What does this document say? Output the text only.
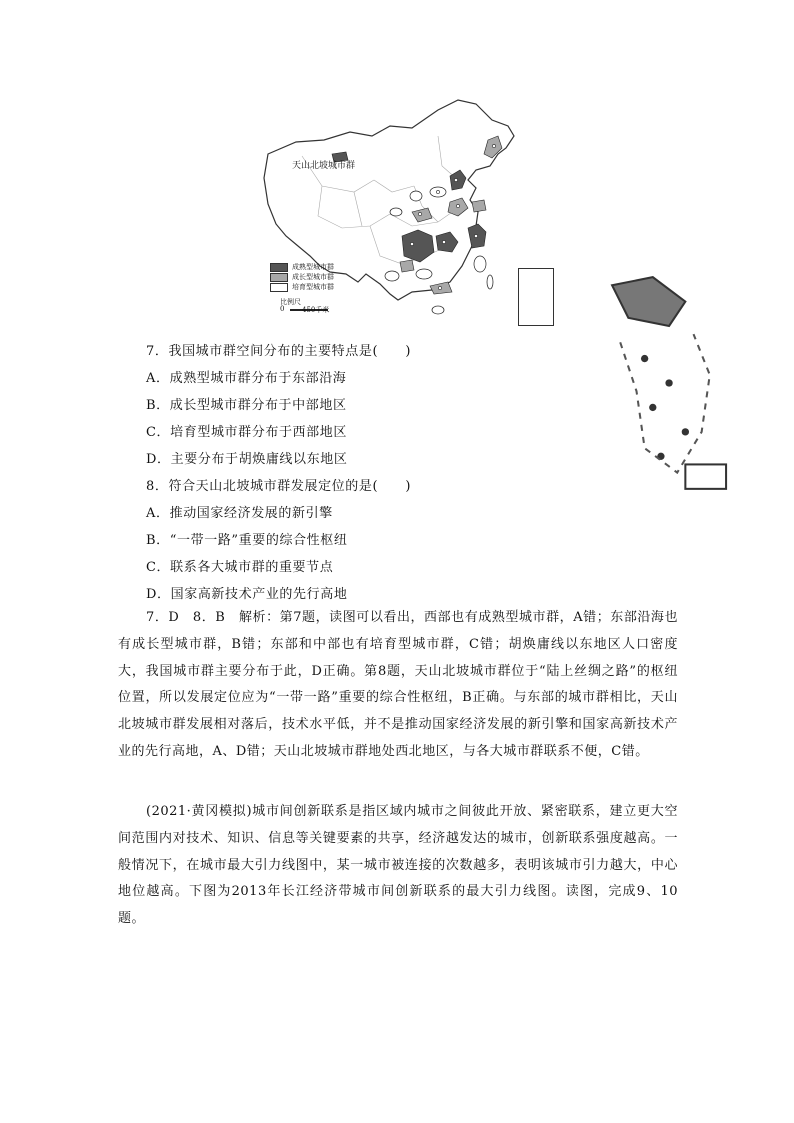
天山北坡城市群
成熟型城市群
成长型城市群
培育型城市群
比例尺
0	450千米
7．我国城市群空间分布的主要特点是(　　)
A．成熟型城市群分布于东部沿海
B．成长型城市群分布于中部地区
C．培育型城市群分布于西部地区
D．主要分布于胡焕庸线以东地区
8．符合天山北坡城市群发展定位的是(　　)
A．推动国家经济发展的新引擎
B．“一带一路”重要的综合性枢纽
C．联系各大城市群的重要节点
D．国家高新技术产业的先行高地
7．D　8．B　解析：第7题，读图可以看出，西部也有成熟型城市群，A错；东部沿海也有成长型城市群，B错；东部和中部也有培育型城市群，C错；胡焕庸线以东地区人口密度大，我国城市群主要分布于此，D正确。第8题，天山北坡城市群位于“陆上丝绸之路”的枢纽位置，所以发展定位应为“一带一路”重要的综合性枢纽，B正确。与东部的城市群相比，天山北坡城市群发展相对落后，技术水平低，并不是推动国家经济发展的新引擎和国家高新技术产业的先行高地，A、D错；天山北坡城市群地处西北地区，与各大城市群联系不便，C错。
(2021·黄冈模拟)城市间创新联系是指区域内城市之间彼此开放、紧密联系，建立更大空间范围内对技术、知识、信息等关键要素的共享，经济越发达的城市，创新联系强度越高。一般情况下，在城市最大引力线图中，某一城市被连接的次数越多，表明该城市引力越大，中心地位越高。下图为2013年长江经济带城市间创新联系的最大引力线图。读图，完成9、10题。
